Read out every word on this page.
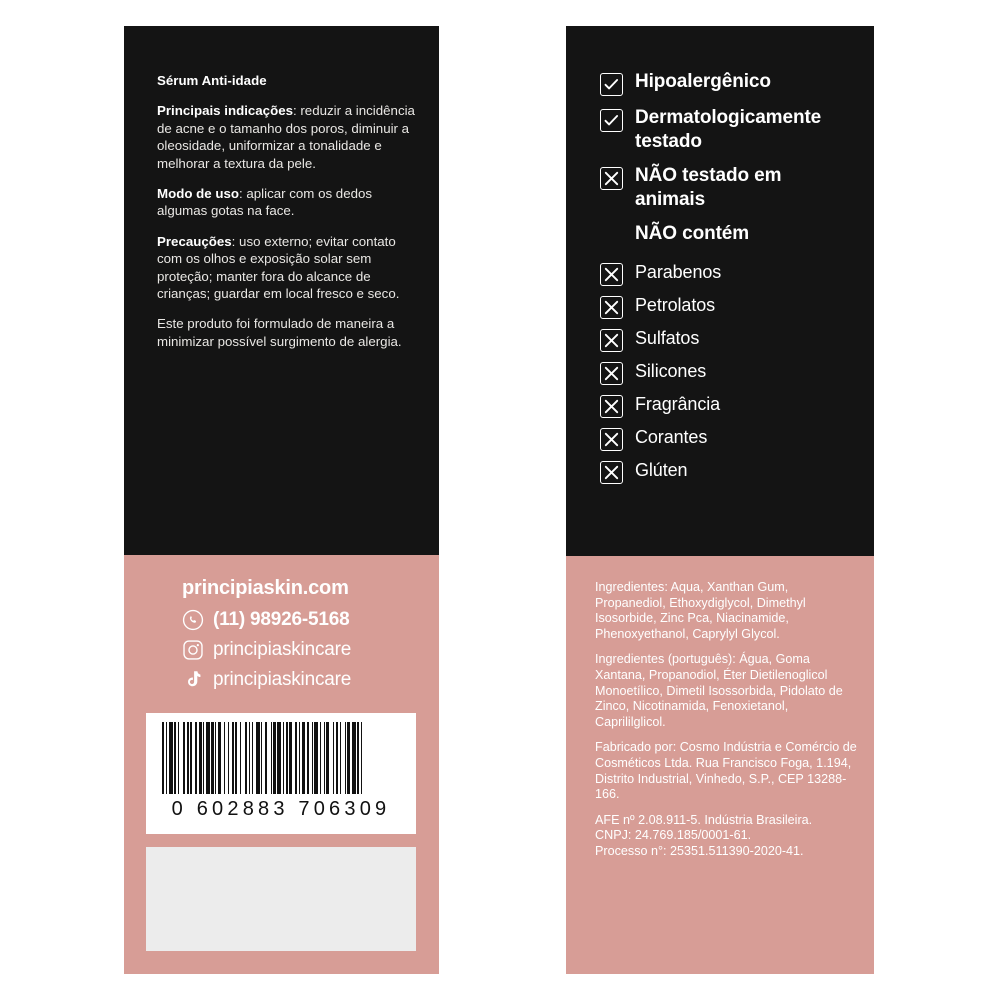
Sérum Anti-idade

Principais indicações: reduzir a incidência de acne e o tamanho dos poros, diminuir a oleosidade, uniformizar a tonalidade e melhorar a textura da pele.

Modo de uso: aplicar com os dedos algumas gotas na face.

Precauções: uso externo; evitar contato com os olhos e exposição solar sem proteção; manter fora do alcance de crianças; guardar em local fresco e seco.

Este produto foi formulado de maneira a minimizar possível surgimento de alergia.

principiaskin.com
(11) 98926-5168
principiaskincare
principiaskincare
0 602883 706309
Hipoalergênico
Dermatologicamente testado
NÃO testado em animais
NÃO contém
Parabenos
Petrolatos
Sulfatos
Silicones
Fragrância
Corantes
Glúten

Ingredientes: Aqua, Xanthan Gum, Propanediol, Ethoxydiglycol, Dimethyl Isosorbide, Zinc Pca, Niacinamide, Phenoxyethanol, Caprylyl Glycol.

Ingredientes (português): Água, Goma Xantana, Propanodiol, Éter Dietilenoglicol Monoetílico, Dimetil Isossorbida, Pidolato de Zinco, Nicotinamida, Fenoxietanol, Caprililglicol.

Fabricado por: Cosmo Indústria e Comércio de Cosméticos Ltda. Rua Francisco Foga, 1.194, Distrito Industrial, Vinhedo, S.P., CEP 13288-166.

AFE nº 2.08.911-5. Indústria Brasileira.

CNPJ: 24.769.185/0001-61.

Processo n°: 25351.511390-2020-41.
